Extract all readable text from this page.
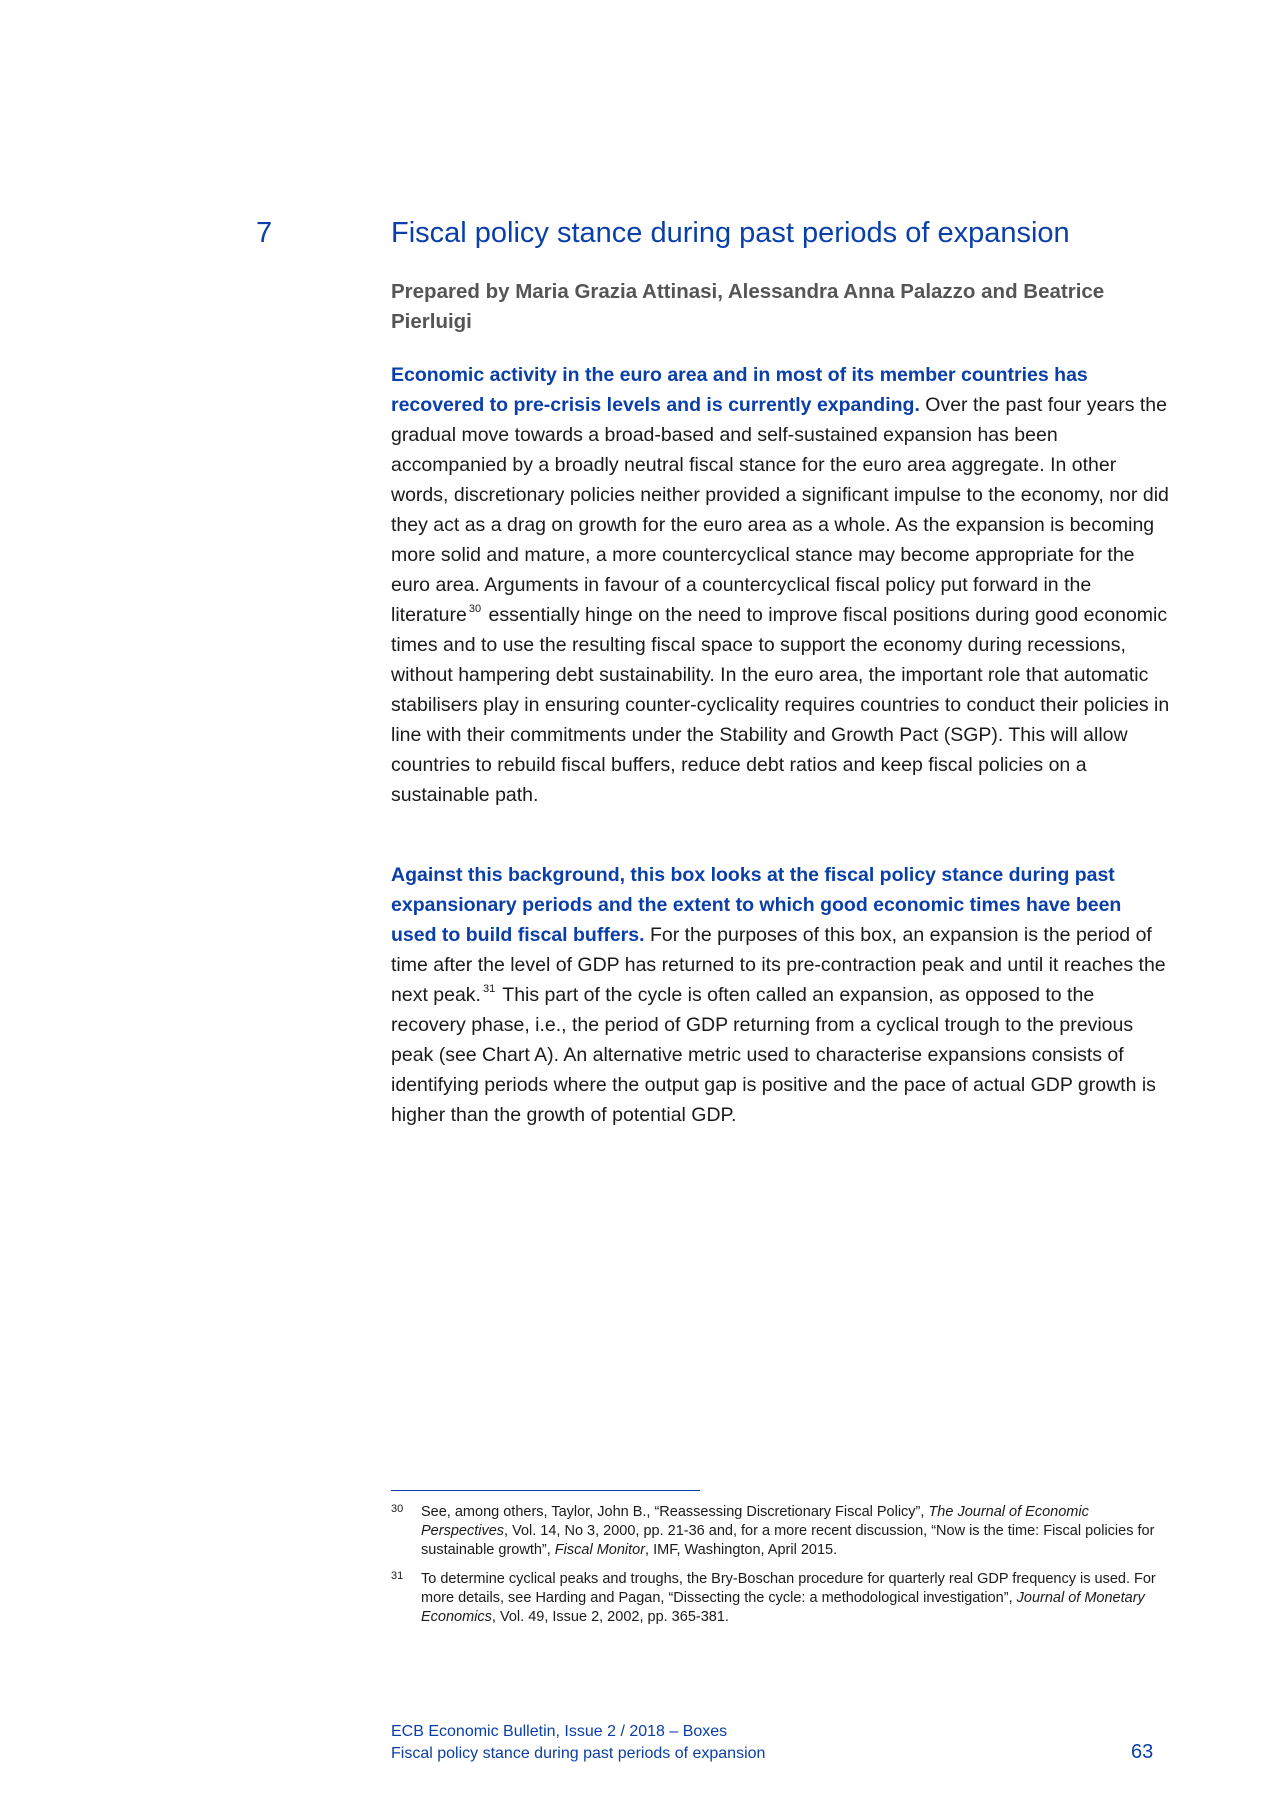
7	Fiscal policy stance during past periods of expansion

Prepared by Maria Grazia Attinasi, Alessandra Anna Palazzo and Beatrice Pierluigi

Economic activity in the euro area and in most of its member countries has recovered to pre-crisis levels and is currently expanding. Over the past four years the gradual move towards a broad-based and self-sustained expansion has been accompanied by a broadly neutral fiscal stance for the euro area aggregate. In other words, discretionary policies neither provided a significant impulse to the economy, nor did they act as a drag on growth for the euro area as a whole. As the expansion is becoming more solid and mature, a more countercyclical stance may become appropriate for the euro area. Arguments in favour of a countercyclical fiscal policy put forward in the literature $^{30}$ essentially hinge on the need to improve fiscal positions during good economic times and to use the resulting fiscal space to support the economy during recessions, without hampering debt sustainability. In the euro area, the important role that automatic stabilisers play in ensuring counter-cyclicality requires countries to conduct their policies in line with their commitments under the Stability and Growth Pact (SGP). This will allow countries to rebuild fiscal buffers, reduce debt ratios and keep fiscal policies on a sustainable path.

Against this background, this box looks at the fiscal policy stance during past expansionary periods and the extent to which good economic times have been used to build fiscal buffers. For the purposes of this box, an expansion is the period of time after the level of GDP has returned to its pre-contraction peak and until it reaches the next peak. $^{31}$ This part of the cycle is often called an expansion, as opposed to the recovery phase, i.e., the period of GDP returning from a cyclical trough to the previous peak (see Chart A). An alternative metric used to characterise expansions consists of identifying periods where the output gap is positive and the pace of actual GDP growth is higher than the growth of potential GDP.

30 See, among others, Taylor, John B., “Reassessing Discretionary Fiscal Policy”, The Journal of Economic Perspectives, Vol. 14, No 3, 2000, pp. 21-36 and, for a more recent discussion, “Now is the time: Fiscal policies for sustainable growth”, Fiscal Monitor, IMF, Washington, April 2015.
31 To determine cyclical peaks and troughs, the Bry-Boschan procedure for quarterly real GDP frequency is used. For more details, see Harding and Pagan, “Dissecting the cycle: a methodological investigation”, Journal of Monetary Economics, Vol. 49, Issue 2, 2002, pp. 365-381.
ECB Economic Bulletin, Issue 2 / 2018 – Boxes
Fiscal policy stance during past periods of expansion	63
